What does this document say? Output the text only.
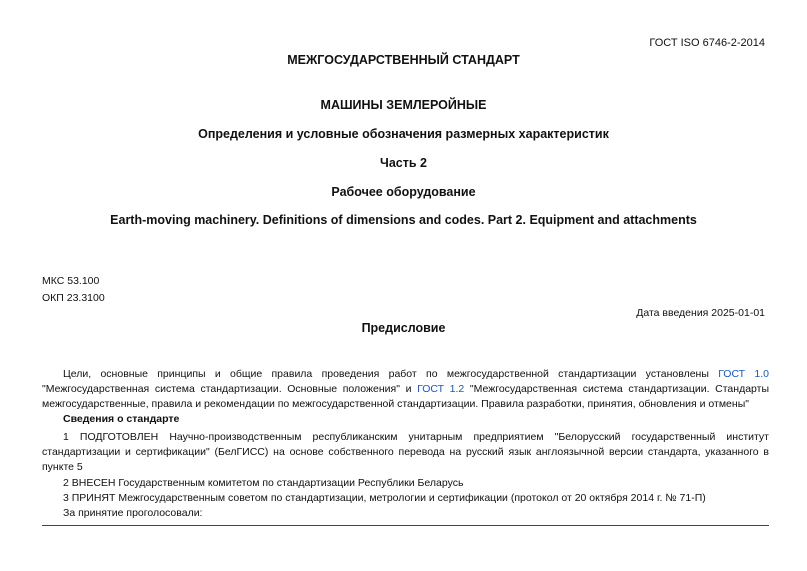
ГОСТ ISO 6746-2-2014
МЕЖГОСУДАРСТВЕННЫЙ СТАНДАРТ
МАШИНЫ ЗЕМЛЕРОЙНЫЕ
Определения и условные обозначения размерных характеристик
Часть 2
Рабочее оборудование
Earth-moving machinery. Definitions of dimensions and codes. Part 2. Equipment and attachments
МКС 53.100
ОКП 23.3100
Дата введения 2025-01-01
Предисловие
Цели, основные принципы и общие правила проведения работ по межгосударственной стандартизации установлены ГОСТ 1.0 "Межгосударственная система стандартизации. Основные положения" и ГОСТ 1.2 "Межгосударственная система стандартизации. Стандарты межгосударственные, правила и рекомендации по межгосударственной стандартизации. Правила разработки, принятия, обновления и отмены"
Сведения о стандарте
1 ПОДГОТОВЛЕН Научно-производственным республиканским унитарным предприятием "Белорусский государственный институт стандартизации и сертификации" (БелГИСС) на основе собственного перевода на русский язык англоязычной версии стандарта, указанного в пункте 5
2 ВНЕСЕН Государственным комитетом по стандартизации Республики Беларусь
3 ПРИНЯТ Межгосударственным советом по стандартизации, метрологии и сертификации (протокол от 20 октября 2014 г. № 71-П)
За принятие проголосовали:
